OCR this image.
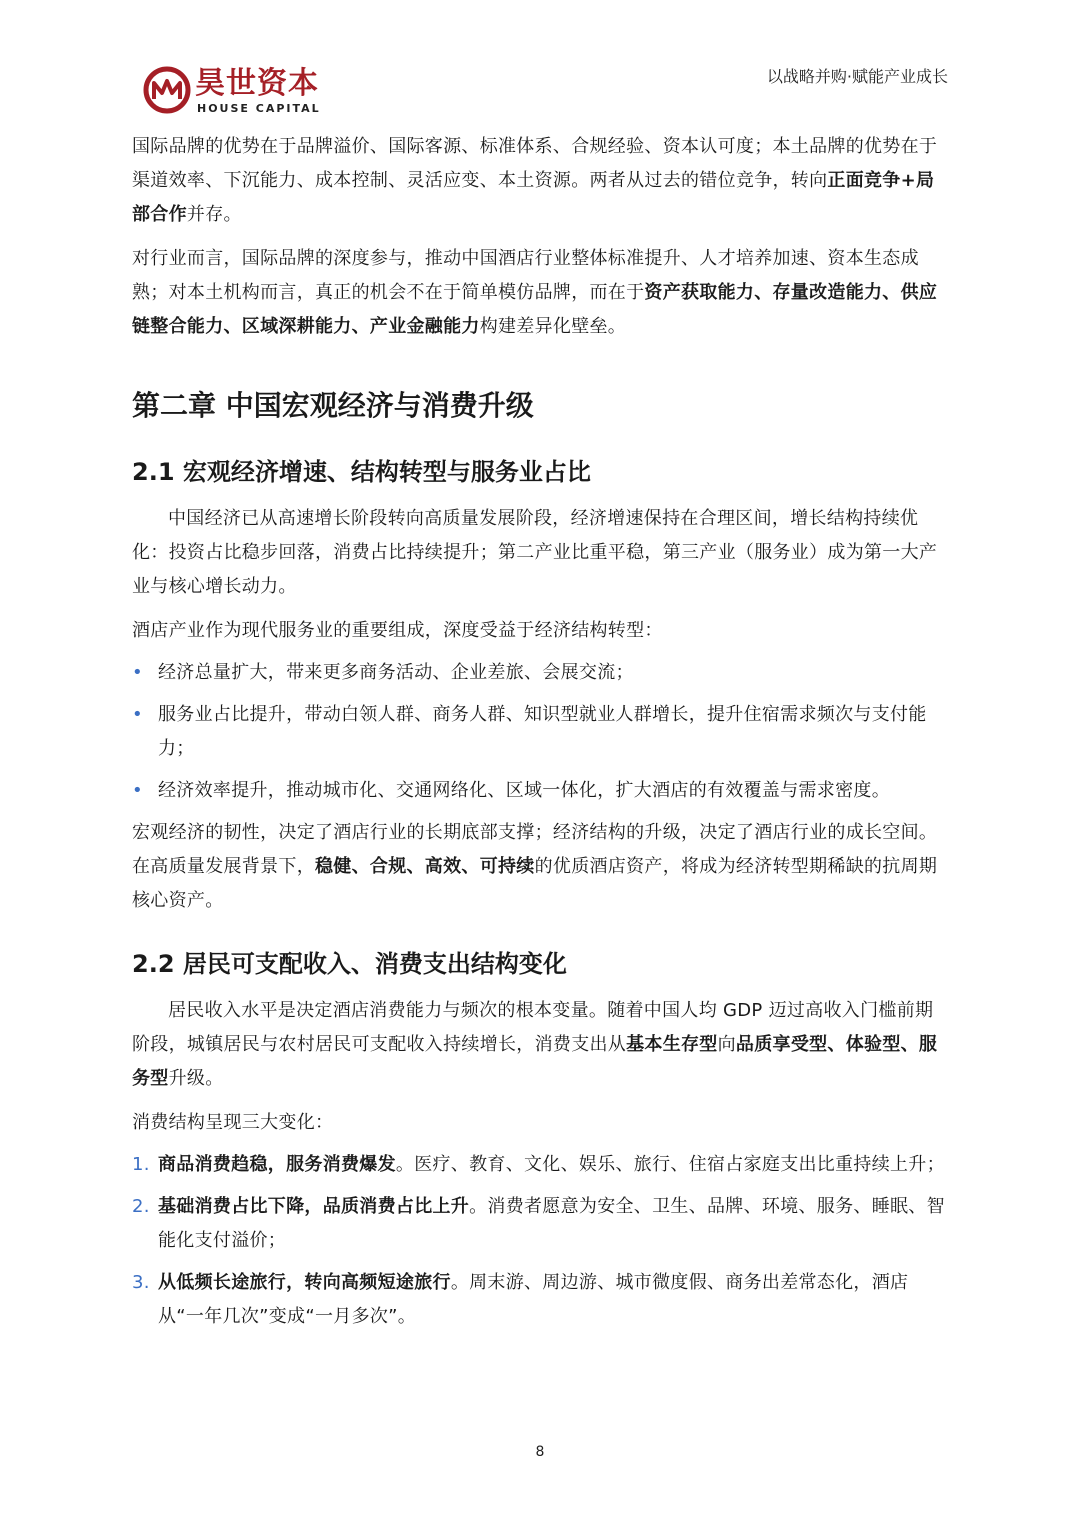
昊世资本
HOUSE CAPITAL
以战略并购·赋能产业成长

国际品牌的优势在于品牌溢价、国际客源、标准体系、合规经验、资本认可度；本土品牌的优势在于渠道效率、下沉能力、成本控制、灵活应变、本土资源。两者从过去的错位竞争，转向正面竞争+局部合作并存。

对行业而言，国际品牌的深度参与，推动中国酒店行业整体标准提升、人才培养加速、资本生态成熟；对本土机构而言，真正的机会不在于简单模仿品牌，而在于资产获取能力、存量改造能力、供应链整合能力、区域深耕能力、产业金融能力构建差异化壁垒。

第二章 中国宏观经济与消费升级
2.1 宏观经济增速、结构转型与服务业占比

中国经济已从高速增长阶段转向高质量发展阶段，经济增速保持在合理区间，增长结构持续优化：投资占比稳步回落，消费占比持续提升；第二产业比重平稳，第三产业（服务业）成为第一大产业与核心增长动力。

酒店产业作为现代服务业的重要组成，深度受益于经济结构转型：

• 经济总量扩大，带来更多商务活动、企业差旅、会展交流；
• 服务业占比提升，带动白领人群、商务人群、知识型就业人群增长，提升住宿需求频次与支付能力；
• 经济效率提升，推动城市化、交通网络化、区域一体化，扩大酒店的有效覆盖与需求密度。

宏观经济的韧性，决定了酒店行业的长期底部支撑；经济结构的升级，决定了酒店行业的成长空间。在高质量发展背景下，稳健、合规、高效、可持续的优质酒店资产，将成为经济转型期稀缺的抗周期核心资产。

2.2 居民可支配收入、消费支出结构变化

居民收入水平是决定酒店消费能力与频次的根本变量。随着中国人均 GDP 迈过高收入门槛前期阶段，城镇居民与农村居民可支配收入持续增长，消费支出从基本生存型向品质享受型、体验型、服务型升级。

消费结构呈现三大变化：

1. 商品消费趋稳，服务消费爆发。医疗、教育、文化、娱乐、旅行、住宿占家庭支出比重持续上升；
2. 基础消费占比下降，品质消费占比上升。消费者愿意为安全、卫生、品牌、环境、服务、睡眠、智能化支付溢价；
3. 从低频长途旅行，转向高频短途旅行。周末游、周边游、城市微度假、商务出差常态化，酒店从“一年几次”变成“一月多次”。
8
